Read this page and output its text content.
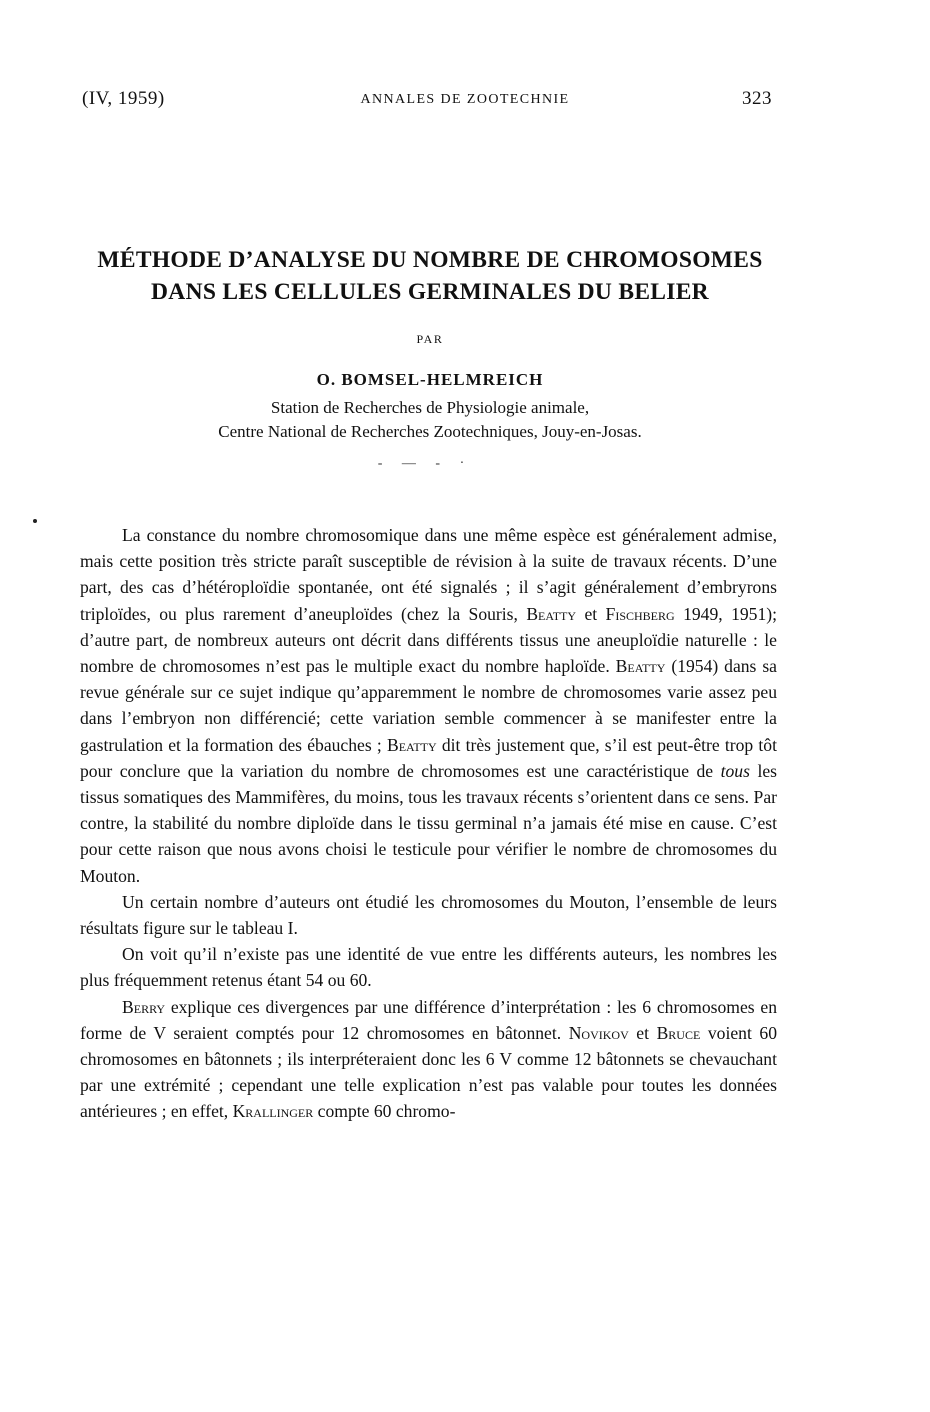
(IV, 1959)	ANNALES DE ZOOTECHNIE	323
MÉTHODE D’ANALYSE DU NOMBRE DE CHROMOSOMES
DANS LES CELLULES GERMINALES DU BELIER
PAR
O. BOMSEL-HELMREICH
Station de Recherches de Physiologie animale,
Centre National de Recherches Zootechniques, Jouy-en-Josas.
- — - ·

La constance du nombre chromosomique dans une même espèce est généralement admise, mais cette position très stricte paraît susceptible de révision à la suite de travaux récents. D’une part, des cas d’hétéroploïdie spontanée, ont été signalés ; il s’agit généralement d’embryrons triploïdes, ou plus rarement d’aneuploïdes (chez la Souris, Beatty et Fischberg 1949, 1951); d’autre part, de nombreux auteurs ont décrit dans différents tissus une aneuploïdie naturelle : le nombre de chromosomes n’est pas le multiple exact du nombre haploïde. Beatty (1954) dans sa revue générale sur ce sujet indique qu’apparemment le nombre de chromosomes varie assez peu dans l’embryon non différencié; cette variation semble commencer à se manifester entre la gastrulation et la formation des ébauches ; Beatty dit très justement que, s’il est peut-être trop tôt pour conclure que la variation du nombre de chromosomes est une caractéristique de tous les tissus somatiques des Mammifères, du moins, tous les travaux récents s’orientent dans ce sens. Par contre, la stabilité du nombre diploïde dans le tissu germinal n’a jamais été mise en cause. C’est pour cette raison que nous avons choisi le testicule pour vérifier le nombre de chromosomes du Mouton.

Un certain nombre d’auteurs ont étudié les chromosomes du Mouton, l’ensemble de leurs résultats figure sur le tableau I.

On voit qu’il n’existe pas une identité de vue entre les différents auteurs, les nombres les plus fréquemment retenus étant 54 ou 60.

Berry explique ces divergences par une différence d’interprétation : les 6 chromosomes en forme de V seraient comptés pour 12 chromosomes en bâtonnet. Novikov et Bruce voient 60 chromosomes en bâtonnets ; ils interpréteraient donc les 6 V comme 12 bâtonnets se chevauchant par une extrémité ; cependant une telle explication n’est pas valable pour toutes les données antérieures ; en effet, Krallinger compte 60 chromo-
